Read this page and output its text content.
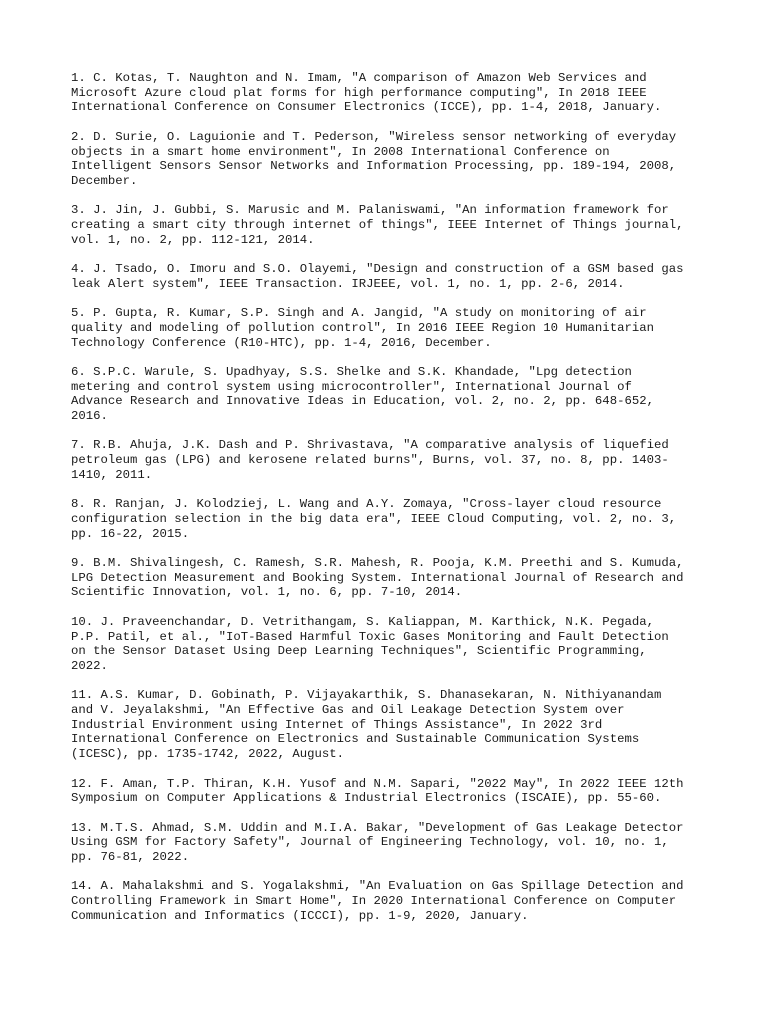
1. C. Kotas, T. Naughton and N. Imam, "A comparison of Amazon Web Services and
Microsoft Azure cloud plat forms for high performance computing", In 2018 IEEE
International Conference on Consumer Electronics (ICCE), pp. 1-4, 2018, January.

2. D. Surie, O. Laguionie and T. Pederson, "Wireless sensor networking of everyday
objects in a smart home environment", In 2008 International Conference on
Intelligent Sensors Sensor Networks and Information Processing, pp. 189-194, 2008,
December.

3. J. Jin, J. Gubbi, S. Marusic and M. Palaniswami, "An information framework for
creating a smart city through internet of things", IEEE Internet of Things journal,
vol. 1, no. 2, pp. 112-121, 2014.

4. J. Tsado, O. Imoru and S.O. Olayemi, "Design and construction of a GSM based gas
leak Alert system", IEEE Transaction. IRJEEE, vol. 1, no. 1, pp. 2-6, 2014.

5. P. Gupta, R. Kumar, S.P. Singh and A. Jangid, "A study on monitoring of air
quality and modeling of pollution control", In 2016 IEEE Region 10 Humanitarian
Technology Conference (R10-HTC), pp. 1-4, 2016, December.

6. S.P.C. Warule, S. Upadhyay, S.S. Shelke and S.K. Khandade, "Lpg detection
metering and control system using microcontroller", International Journal of
Advance Research and Innovative Ideas in Education, vol. 2, no. 2, pp. 648-652,
2016.

7. R.B. Ahuja, J.K. Dash and P. Shrivastava, "A comparative analysis of liquefied
petroleum gas (LPG) and kerosene related burns", Burns, vol. 37, no. 8, pp. 1403-
1410, 2011.

8. R. Ranjan, J. Kolodziej, L. Wang and A.Y. Zomaya, "Cross-layer cloud resource
configuration selection in the big data era", IEEE Cloud Computing, vol. 2, no. 3,
pp. 16-22, 2015.

9. B.M. Shivalingesh, C. Ramesh, S.R. Mahesh, R. Pooja, K.M. Preethi and S. Kumuda,
LPG Detection Measurement and Booking System. International Journal of Research and
Scientific Innovation, vol. 1, no. 6, pp. 7-10, 2014.

10. J. Praveenchandar, D. Vetrithangam, S. Kaliappan, M. Karthick, N.K. Pegada,
P.P. Patil, et al., "IoT-Based Harmful Toxic Gases Monitoring and Fault Detection
on the Sensor Dataset Using Deep Learning Techniques", Scientific Programming,
2022.

11. A.S. Kumar, D. Gobinath, P. Vijayakarthik, S. Dhanasekaran, N. Nithiyanandam
and V. Jeyalakshmi, "An Effective Gas and Oil Leakage Detection System over
Industrial Environment using Internet of Things Assistance", In 2022 3rd
International Conference on Electronics and Sustainable Communication Systems
(ICESC), pp. 1735-1742, 2022, August.

12. F. Aman, T.P. Thiran, K.H. Yusof and N.M. Sapari, "2022 May", In 2022 IEEE 12th
Symposium on Computer Applications & Industrial Electronics (ISCAIE), pp. 55-60.

13. M.T.S. Ahmad, S.M. Uddin and M.I.A. Bakar, "Development of Gas Leakage Detector
Using GSM for Factory Safety", Journal of Engineering Technology, vol. 10, no. 1,
pp. 76-81, 2022.

14. A. Mahalakshmi and S. Yogalakshmi, "An Evaluation on Gas Spillage Detection and
Controlling Framework in Smart Home", In 2020 International Conference on Computer
Communication and Informatics (ICCCI), pp. 1-9, 2020, January.
